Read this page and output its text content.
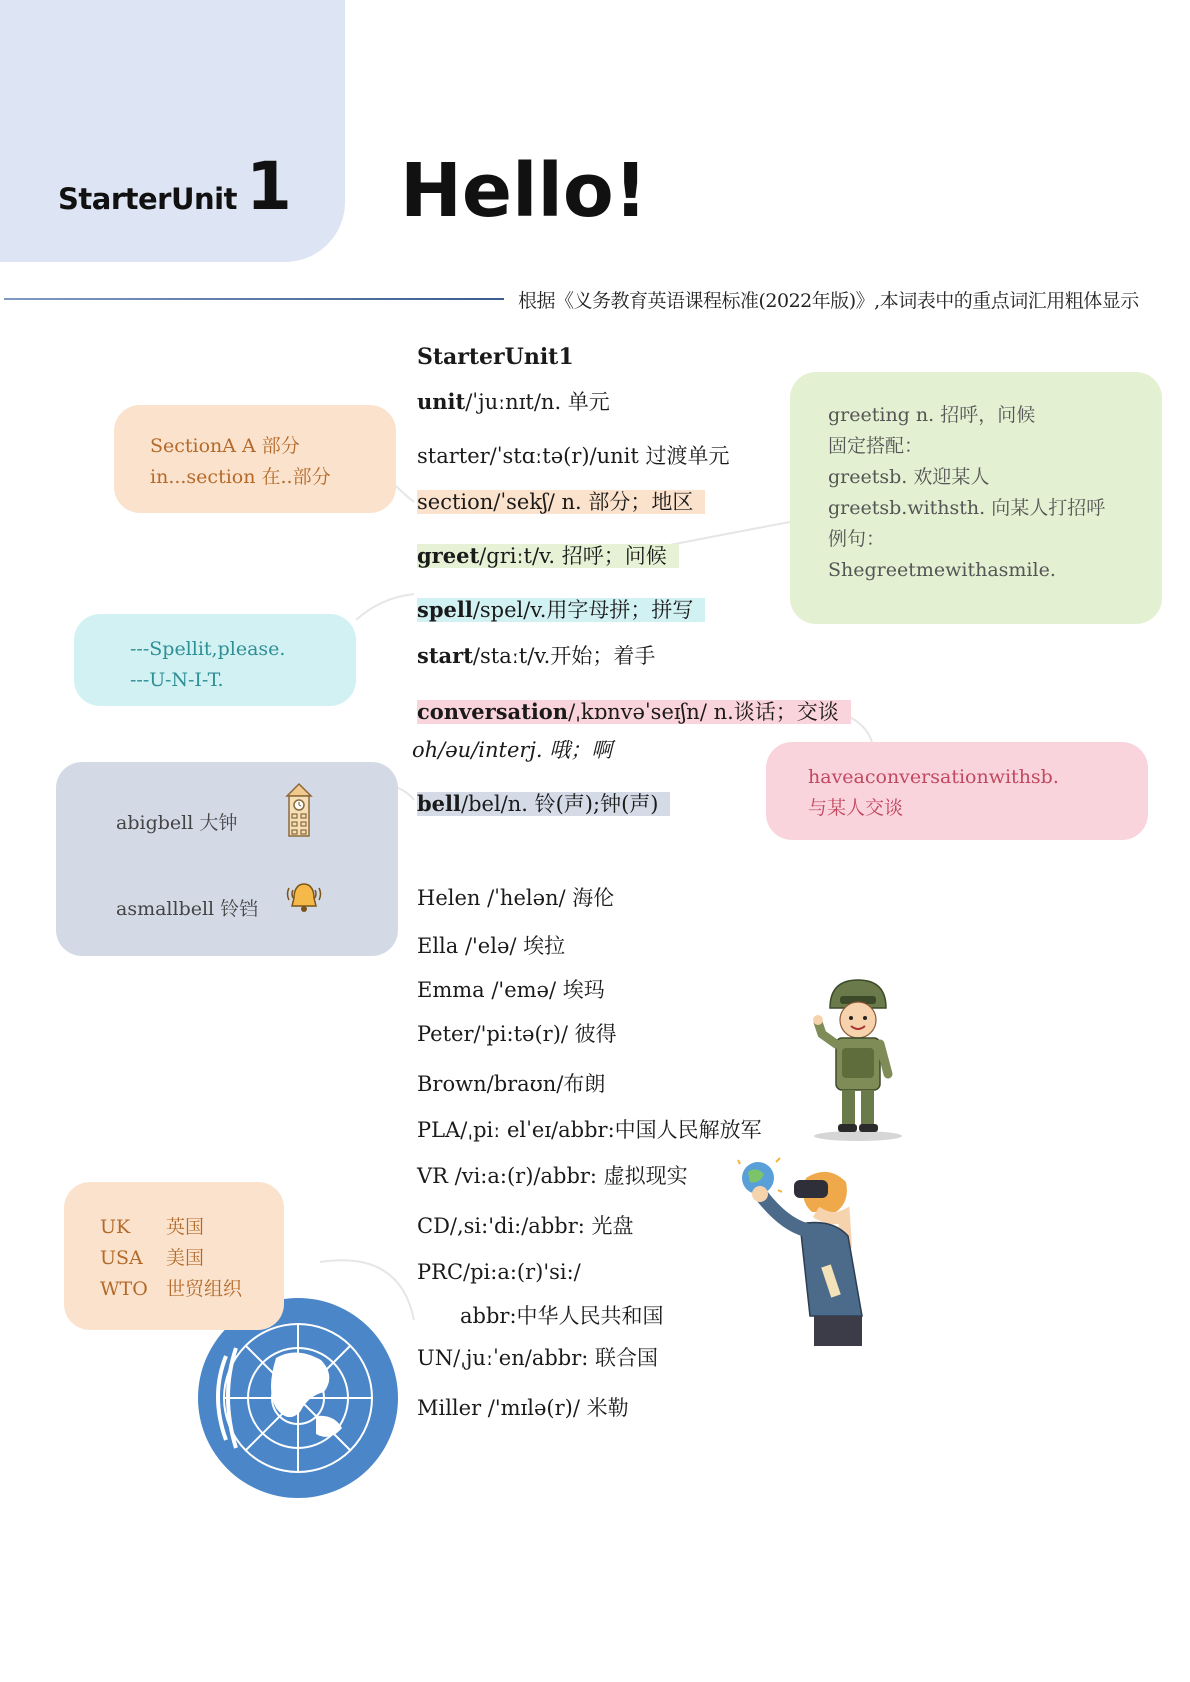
StarterUnit 1 Hello!
根据《义务教育英语课程标准(2022年版)》,本词表中的重点词汇用粗体显示
StarterUnit1
unit/ˈjuːnɪt/n. 单元
starter/ˈstɑːtə(r)/unit 过渡单元
section/ˈsekʃ/ n. 部分；地区
greet/griːt/v. 招呼；问候
spell/spel/v.用字母拼；拼写
start/staːt/v.开始；着手
conversation/ˌkɒnvəˈseɪʃn/ n.谈话；交谈
oh/əu/interj. 哦；啊
bell/bel/n. 铃(声);钟(声)
Helen /ˈhelən/ 海伦
Ella /'elə/ 埃拉
Emma /'emə/ 埃玛
Peter/'pi:tə(r)/ 彼得
Brown/braʊn/布朗
PLA/ˌpiː elˈeɪ/abbr:中国人民解放军
VR /vi:a:(r)/abbr: 虚拟现实
CD/,si:'di:/abbr: 光盘
PRC/pi:a:(r)'si:/
abbr:中华人民共和国
UN/ˌjuːˈen/abbr: 联合国
Miller /'mɪlə(r)/ 米勒
SectionA A 部分
in...section 在..部分
greeting n. 招呼，问候
固定搭配：
greetsb. 欢迎某人
greetsb.withsth. 向某人打招呼
例句：
Shegreetmewithasmile.
---Spellit,please.
---U-N-I-T.
abigbell 大钟
asmallbell 铃铛
haveaconversationwithsb.
与某人交谈
UK 英国
USA 美国
WTO 世贸组织
